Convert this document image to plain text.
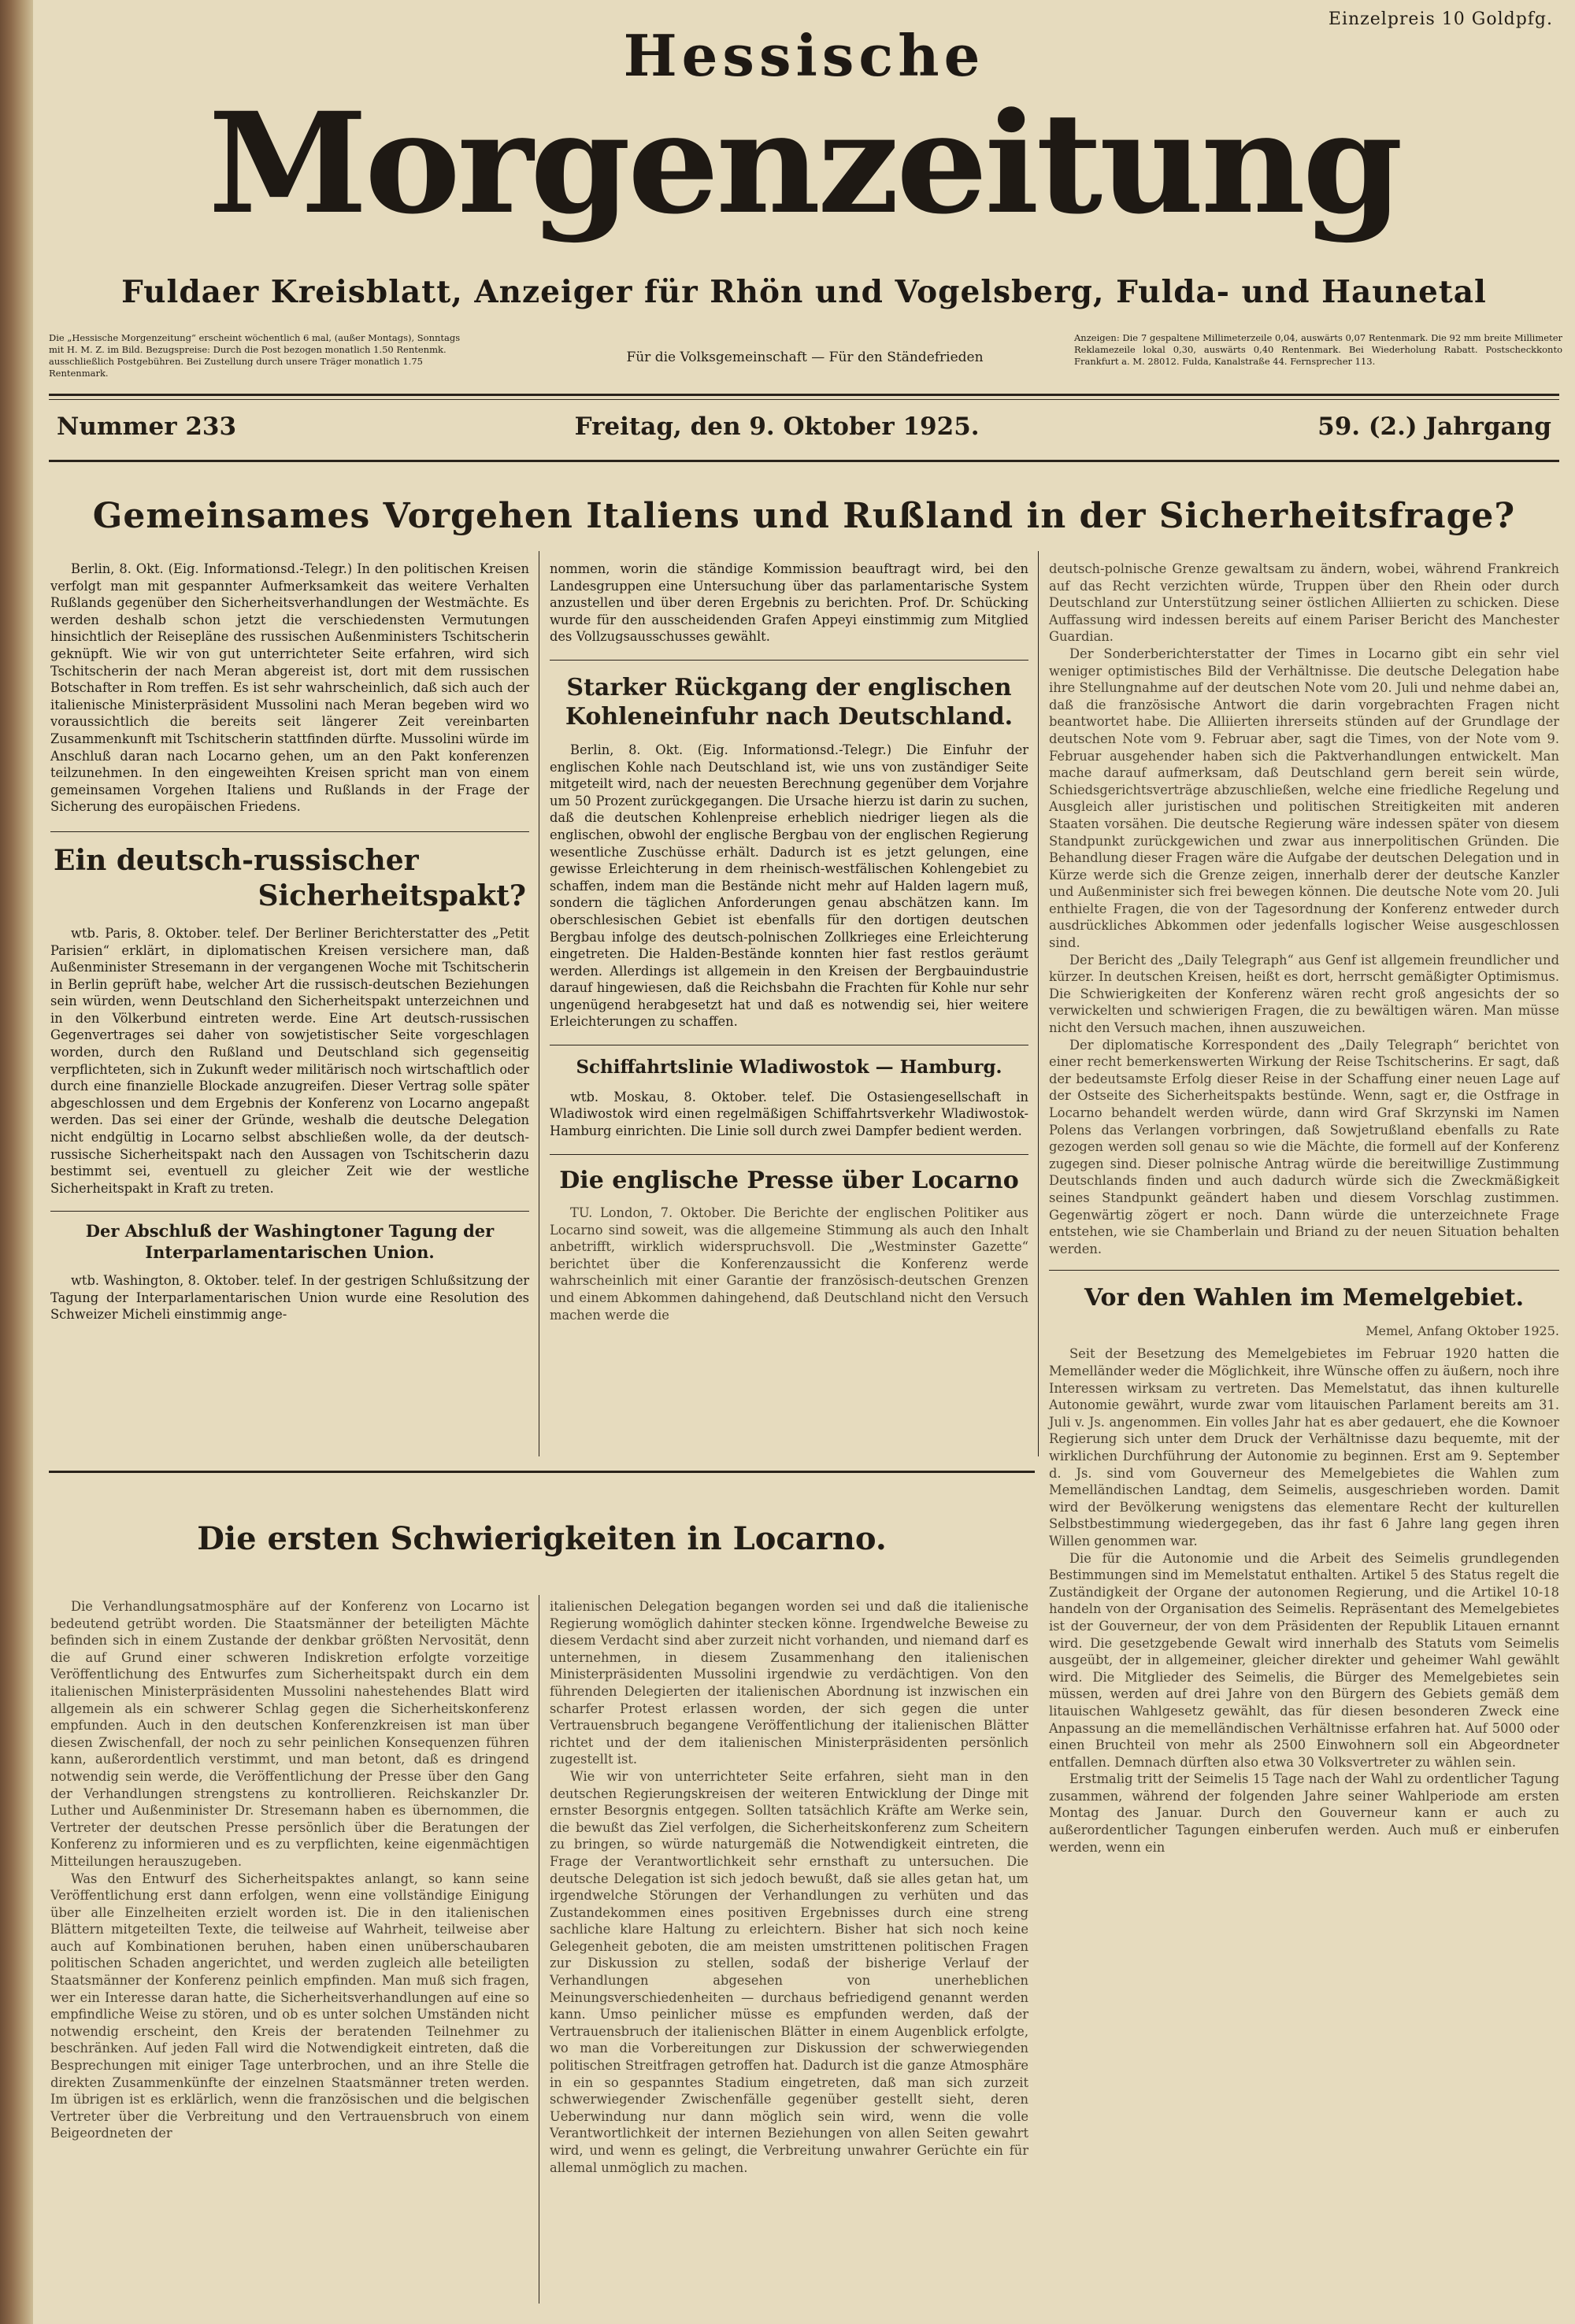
Einzelpreis 10 Goldpfg.
Hessische
Morgenzeitung
Fuldaer Kreisblatt, Anzeiger für Rhön und Vogelsberg, Fulda- und Haunetal
Die „Hessische Morgenzeitung“ erscheint wöchentlich 6 mal, (außer Montags), Sonntags mit H. M. Z. im Bild. Bezugspreise: Durch die Post bezogen monatlich 1.50 Rentenmk. ausschließlich Postgebühren. Bei Zustellung durch unsere Träger monatlich 1.75 Rentenmark.
Für die Volksgemeinschaft — Für den Ständefrieden
Anzeigen: Die 7 gespaltene Millimeterzeile 0,04, auswärts 0,07 Rentenmark. Die 92 mm breite Millimeter Reklamezeile lokal 0,30, auswärts 0,40 Rentenmark. Bei Wiederholung Rabatt. Postscheckkonto Frankfurt a. M. 28012. Fulda, Kanalstraße 44. Fernsprecher 113.
Nummer 233	Freitag, den 9. Oktober 1925.	59. (2.) Jahrgang
Gemeinsames Vorgehen Italiens und Rußland in der Sicherheitsfrage?

Berlin, 8. Okt. (Eig. Informationsd.-Telegr.) In den politischen Kreisen verfolgt man mit gespannter Aufmerksamkeit das weitere Verhalten Rußlands gegenüber den Sicherheitsverhandlungen der Westmächte. Es werden deshalb schon jetzt die verschiedensten Vermutungen hinsichtlich der Reisepläne des russischen Außenministers Tschitscherin geknüpft. Wie wir von gut unterrichteter Seite erfahren, wird sich Tschitscherin der nach Meran abgereist ist, dort mit dem russischen Botschafter in Rom treffen. Es ist sehr wahrscheinlich, daß sich auch der italienische Ministerpräsident Mussolini nach Meran begeben wird wo voraussichtlich die bereits seit längerer Zeit vereinbarten Zusammenkunft mit Tschitscherin stattfinden dürfte. Mussolini würde im Anschluß daran nach Locarno gehen, um an den Pakt konferenzen teilzunehmen. In den eingeweihten Kreisen spricht man von einem gemeinsamen Vorgehen Italiens und Rußlands in der Frage der Sicherung des europäischen Friedens.

Ein deutsch-russischer
Sicherheitspakt?

wtb. Paris, 8. Oktober. telef. Der Berliner Berichterstatter des „Petit Parisien“ erklärt, in diplomatischen Kreisen versichere man, daß Außenminister Stresemann in der vergangenen Woche mit Tschitscherin in Berlin geprüft habe, welcher Art die russisch-deutschen Beziehungen sein würden, wenn Deutschland den Sicherheitspakt unterzeichnen und in den Völkerbund eintreten werde. Eine Art deutsch-russischen Gegenvertrages sei daher von sowjetistischer Seite vorgeschlagen worden, durch den Rußland und Deutschland sich gegenseitig verpflichteten, sich in Zukunft weder militärisch noch wirtschaftlich oder durch eine finanzielle Blockade anzugreifen. Dieser Vertrag solle später abgeschlossen und dem Ergebnis der Konferenz von Locarno angepaßt werden. Das sei einer der Gründe, weshalb die deutsche Delegation nicht endgültig in Locarno selbst abschließen wolle, da der deutsch-russische Sicherheitspakt nach den Aussagen von Tschitscherin dazu bestimmt sei, eventuell zu gleicher Zeit wie der westliche Sicherheitspakt in Kraft zu treten.

Der Abschluß der Washingtoner Tagung der Interparlamentarischen Union.

wtb. Washington, 8. Oktober. telef. In der gestrigen Schlußsitzung der Tagung der Interparlamentarischen Union wurde eine Resolution des Schweizer Micheli einstimmig ange-

nommen, worin die ständige Kommission beauftragt wird, bei den Landesgruppen eine Untersuchung über das parlamentarische System anzustellen und über deren Ergebnis zu berichten. Prof. Dr. Schücking wurde für den ausscheidenden Grafen Appeyi einstimmig zum Mitglied des Vollzugsausschusses gewählt.

Starker Rückgang der englischen Kohleneinfuhr nach Deutschland.

Berlin, 8. Okt. (Eig. Informationsd.-Telegr.) Die Einfuhr der englischen Kohle nach Deutschland ist, wie uns von zuständiger Seite mitgeteilt wird, nach der neuesten Berechnung gegenüber dem Vorjahre um 50 Prozent zurückgegangen. Die Ursache hierzu ist darin zu suchen, daß die deutschen Kohlenpreise erheblich niedriger liegen als die englischen, obwohl der englische Bergbau von der englischen Regierung wesentliche Zuschüsse erhält. Dadurch ist es jetzt gelungen, eine gewisse Erleichterung in dem rheinisch-westfälischen Kohlengebiet zu schaffen, indem man die Bestände nicht mehr auf Halden lagern muß, sondern die täglichen Anforderungen genau abschätzen kann. Im oberschlesischen Gebiet ist ebenfalls für den dortigen deutschen Bergbau infolge des deutsch-polnischen Zollkrieges eine Erleichterung eingetreten. Die Halden-Bestände konnten hier fast restlos geräumt werden. Allerdings ist allgemein in den Kreisen der Bergbauindustrie darauf hingewiesen, daß die Reichsbahn die Frachten für Kohle nur sehr ungenügend herabgesetzt hat und daß es notwendig sei, hier weitere Erleichterungen zu schaffen.

Schiffahrtslinie Wladiwostok — Hamburg.

wtb. Moskau, 8. Oktober. telef. Die Ostasiengesellschaft in Wladiwostok wird einen regelmäßigen Schiffahrtsverkehr Wladiwostok-Hamburg einrichten. Die Linie soll durch zwei Dampfer bedient werden.

Die englische Presse über Locarno

TU. London, 7. Oktober. Die Berichte der englischen Politiker aus Locarno sind soweit, was die allgemeine Stimmung als auch den Inhalt anbetrifft, wirklich widerspruchsvoll. Die „Westminster Gazette“ berichtet über die Konferenzaussicht die Konferenz werde wahrscheinlich mit einer Garantie der französisch-deutschen Grenzen und einem Abkommen dahingehend, daß Deutschland nicht den Versuch machen werde die

deutsch-polnische Grenze gewaltsam zu ändern, wobei, während Frankreich auf das Recht verzichten würde, Truppen über den Rhein oder durch Deutschland zur Unterstützung seiner östlichen Alliierten zu schicken. Diese Auffassung wird indessen bereits auf einem Pariser Bericht des Manchester Guardian.

Der Sonderberichterstatter der Times in Locarno gibt ein sehr viel weniger optimistisches Bild der Verhältnisse. Die deutsche Delegation habe ihre Stellungnahme auf der deutschen Note vom 20. Juli und nehme dabei an, daß die französische Antwort die darin vorgebrachten Fragen nicht beantwortet habe. Die Alliierten ihrerseits stünden auf der Grundlage der deutschen Note vom 9. Februar aber, sagt die Times, von der Note vom 9. Februar ausgehender haben sich die Paktverhandlungen entwickelt. Man mache darauf aufmerksam, daß Deutschland gern bereit sein würde, Schiedsgerichtsverträge abzuschließen, welche eine friedliche Regelung und Ausgleich aller juristischen und politischen Streitigkeiten mit anderen Staaten vorsähen. Die deutsche Regierung wäre indessen später von diesem Standpunkt zurückgewichen und zwar aus innerpolitischen Gründen. Die Behandlung dieser Fragen wäre die Aufgabe der deutschen Delegation und in Kürze werde sich die Grenze zeigen, innerhalb derer der deutsche Kanzler und Außenminister sich frei bewegen können. Die deutsche Note vom 20. Juli enthielte Fragen, die von der Tagesordnung der Konferenz entweder durch ausdrückliches Abkommen oder jedenfalls logischer Weise ausgeschlossen sind.

Der Bericht des „Daily Telegraph“ aus Genf ist allgemein freundlicher und kürzer. In deutschen Kreisen, heißt es dort, herrscht gemäßigter Optimismus. Die Schwierigkeiten der Konferenz wären recht groß angesichts der so verwickelten und schwierigen Fragen, die zu bewältigen wären. Man müsse nicht den Versuch machen, ihnen auszuweichen.

Der diplomatische Korrespondent des „Daily Telegraph“ berichtet von einer recht bemerkenswerten Wirkung der Reise Tschitscherins. Er sagt, daß der bedeutsamste Erfolg dieser Reise in der Schaffung einer neuen Lage auf der Ostseite des Sicherheitspakts bestünde. Wenn, sagt er, die Ostfrage in Locarno behandelt werden würde, dann wird Graf Skrzynski im Namen Polens das Verlangen vorbringen, daß Sowjetrußland ebenfalls zu Rate gezogen werden soll genau so wie die Mächte, die formell auf der Konferenz zugegen sind. Dieser polnische Antrag würde die bereitwillige Zustimmung Deutschlands finden und auch dadurch würde sich die Zweckmäßigkeit seines Standpunkt geändert haben und diesem Vorschlag zustimmen. Gegenwärtig zögert er noch. Dann würde die unterzeichnete Frage entstehen, wie sie Chamberlain und Briand zu der neuen Situation behalten werden.

Vor den Wahlen im Memelgebiet.
Memel, Anfang Oktober 1925.

Seit der Besetzung des Memelgebietes im Februar 1920 hatten die Memelländer weder die Möglichkeit, ihre Wünsche offen zu äußern, noch ihre Interessen wirksam zu vertreten. Das Memelstatut, das ihnen kulturelle Autonomie gewährt, wurde zwar vom litauischen Parlament bereits am 31. Juli v. Js. angenommen. Ein volles Jahr hat es aber gedauert, ehe die Kownoer Regierung sich unter dem Druck der Verhältnisse dazu bequemte, mit der wirklichen Durchführung der Autonomie zu beginnen. Erst am 9. September d. Js. sind vom Gouverneur des Memelgebietes die Wahlen zum Memelländischen Landtag, dem Seimelis, ausgeschrieben worden. Damit wird der Bevölkerung wenigstens das elementare Recht der kulturellen Selbstbestimmung wiedergegeben, das ihr fast 6 Jahre lang gegen ihren Willen genommen war.

Die für die Autonomie und die Arbeit des Seimelis grundlegenden Bestimmungen sind im Memelstatut enthalten. Artikel 5 des Status regelt die Zuständigkeit der Organe der autonomen Regierung, und die Artikel 10-18 handeln von der Organisation des Seimelis. Repräsentant des Memelgebietes ist der Gouverneur, der von dem Präsidenten der Republik Litauen ernannt wird. Die gesetzgebende Gewalt wird innerhalb des Statuts vom Seimelis ausgeübt, der in allgemeiner, gleicher direkter und geheimer Wahl gewählt wird. Die Mitglieder des Seimelis, die Bürger des Memelgebietes sein müssen, werden auf drei Jahre von den Bürgern des Gebiets gemäß dem litauischen Wahlgesetz gewählt, das für diesen besonderen Zweck eine Anpassung an die memelländischen Verhältnisse erfahren hat. Auf 5000 oder einen Bruchteil von mehr als 2500 Einwohnern soll ein Abgeordneter entfallen. Demnach dürften also etwa 30 Volksvertreter zu wählen sein.

Erstmalig tritt der Seimelis 15 Tage nach der Wahl zu ordentlicher Tagung zusammen, während der folgenden Jahre seiner Wahlperiode am ersten Montag des Januar. Durch den Gouverneur kann er auch zu außerordentlicher Tagungen einberufen werden. Auch muß er einberufen werden, wenn ein

Die ersten Schwierigkeiten in Locarno.

Die Verhandlungsatmosphäre auf der Konferenz von Locarno ist bedeutend getrübt worden. Die Staatsmänner der beteiligten Mächte befinden sich in einem Zustande der denkbar größten Nervosität, denn die auf Grund einer schweren Indiskretion erfolgte vorzeitige Veröffentlichung des Entwurfes zum Sicherheitspakt durch ein dem italienischen Ministerpräsidenten Mussolini nahestehendes Blatt wird allgemein als ein schwerer Schlag gegen die Sicherheitskonferenz empfunden. Auch in den deutschen Konferenzkreisen ist man über diesen Zwischenfall, der noch zu sehr peinlichen Konsequenzen führen kann, außerordentlich verstimmt, und man betont, daß es dringend notwendig sein werde, die Veröffentlichung der Presse über den Gang der Verhandlungen strengstens zu kontrollieren. Reichskanzler Dr. Luther und Außenminister Dr. Stresemann haben es übernommen, die Vertreter der deutschen Presse persönlich über die Beratungen der Konferenz zu informieren und es zu verpflichten, keine eigenmächtigen Mitteilungen herauszugeben.

Was den Entwurf des Sicherheitspaktes anlangt, so kann seine Veröffentlichung erst dann erfolgen, wenn eine vollständige Einigung über alle Einzelheiten erzielt worden ist. Die in den italienischen Blättern mitgeteilten Texte, die teilweise auf Wahrheit, teilweise aber auch auf Kombinationen beruhen, haben einen unüberschaubaren politischen Schaden angerichtet, und werden zugleich alle beteiligten Staatsmänner der Konferenz peinlich empfinden. Man muß sich fragen, wer ein Interesse daran hatte, die Sicherheitsverhandlungen auf eine so empfindliche Weise zu stören, und ob es unter solchen Umständen nicht notwendig erscheint, den Kreis der beratenden Teilnehmer zu beschränken. Auf jeden Fall wird die Notwendigkeit eintreten, daß die Besprechungen mit einiger Tage unterbrochen, und an ihre Stelle die direkten Zusammenkünfte der einzelnen Staatsmänner treten werden. Im übrigen ist es erklärlich, wenn die französischen und die belgischen Vertreter über die Verbreitung und den Vertrauensbruch von einem Beigeordneten der

italienischen Delegation begangen worden sei und daß die italienische Regierung womöglich dahinter stecken könne. Irgendwelche Beweise zu diesem Verdacht sind aber zurzeit nicht vorhanden, und niemand darf es unternehmen, in diesem Zusammenhang den italienischen Ministerpräsidenten Mussolini irgendwie zu verdächtigen. Von den führenden Delegierten der italienischen Abordnung ist inzwischen ein scharfer Protest erlassen worden, der sich gegen die unter Vertrauensbruch begangene Veröffentlichung der italienischen Blätter richtet und der dem italienischen Ministerpräsidenten persönlich zugestellt ist.

Wie wir von unterrichteter Seite erfahren, sieht man in den deutschen Regierungskreisen der weiteren Entwicklung der Dinge mit ernster Besorgnis entgegen. Sollten tatsächlich Kräfte am Werke sein, die bewußt das Ziel verfolgen, die Sicherheitskonferenz zum Scheitern zu bringen, so würde naturgemäß die Notwendigkeit eintreten, die Frage der Verantwortlichkeit sehr ernsthaft zu untersuchen. Die deutsche Delegation ist sich jedoch bewußt, daß sie alles getan hat, um irgendwelche Störungen der Verhandlungen zu verhüten und das Zustandekommen eines positiven Ergebnisses durch eine streng sachliche klare Haltung zu erleichtern. Bisher hat sich noch keine Gelegenheit geboten, die am meisten umstrittenen politischen Fragen zur Diskussion zu stellen, sodaß der bisherige Verlauf der Verhandlungen abgesehen von unerheblichen Meinungsverschiedenheiten — durchaus befriedigend genannt werden kann. Umso peinlicher müsse es empfunden werden, daß der Vertrauensbruch der italienischen Blätter in einem Augenblick erfolgte, wo man die Vorbereitungen zur Diskussion der schwerwiegenden politischen Streitfragen getroffen hat. Dadurch ist die ganze Atmosphäre in ein so gespanntes Stadium eingetreten, daß man sich zurzeit schwerwiegender Zwischenfälle gegenüber gestellt sieht, deren Ueberwindung nur dann möglich sein wird, wenn die volle Verantwortlichkeit der internen Beziehungen von allen Seiten gewahrt wird, und wenn es gelingt, die Verbreitung unwahrer Gerüchte ein für allemal unmöglich zu machen.
